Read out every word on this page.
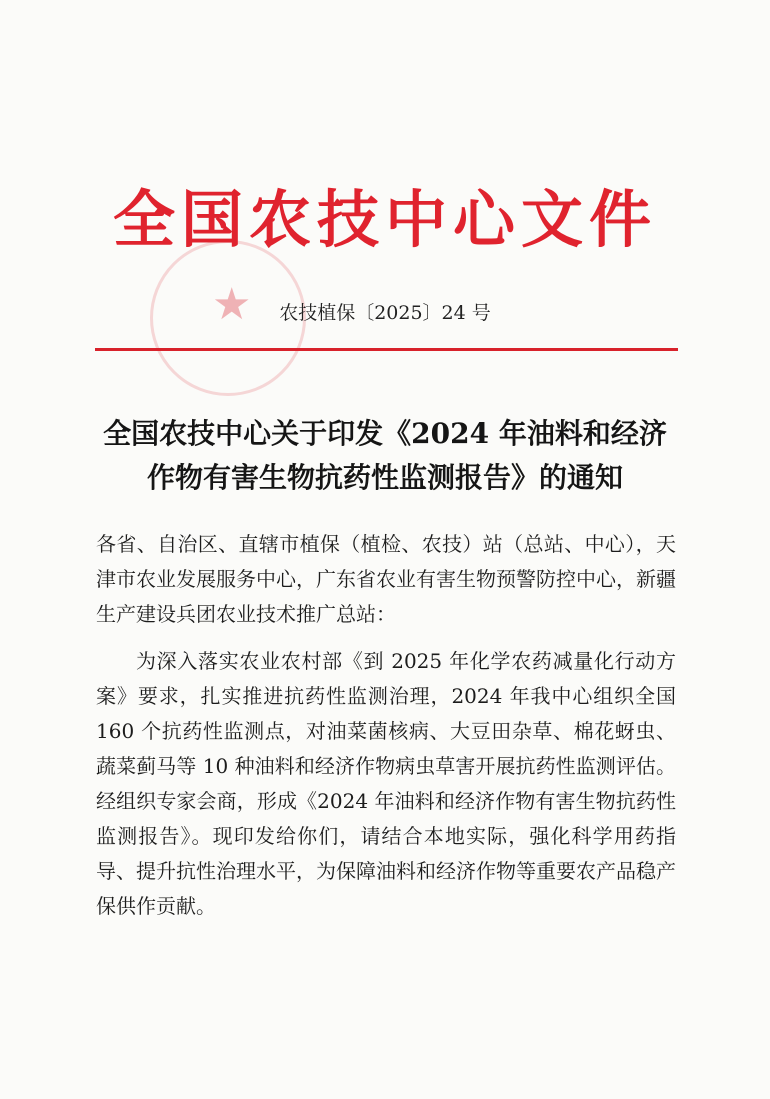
★
全国农技中心文件
农技植保〔2025〕24 号
全国农技中心关于印发《2024 年油料和经济
作物有害生物抗药性监测报告》的通知

各省、自治区、直辖市植保（植检、农技）站（总站、中心），天津市农业发展服务中心，广东省农业有害生物预警防控中心，新疆生产建设兵团农业技术推广总站：

为深入落实农业农村部《到 2025 年化学农药减量化行动方案》要求，扎实推进抗药性监测治理，2024 年我中心组织全国 160 个抗药性监测点，对油菜菌核病、大豆田杂草、棉花蚜虫、蔬菜蓟马等 10 种油料和经济作物病虫草害开展抗药性监测评估。经组织专家会商，形成《2024 年油料和经济作物有害生物抗药性监测报告》。现印发给你们，请结合本地实际，强化科学用药指导、提升抗性治理水平，为保障油料和经济作物等重要农产品稳产保供作贡献。
